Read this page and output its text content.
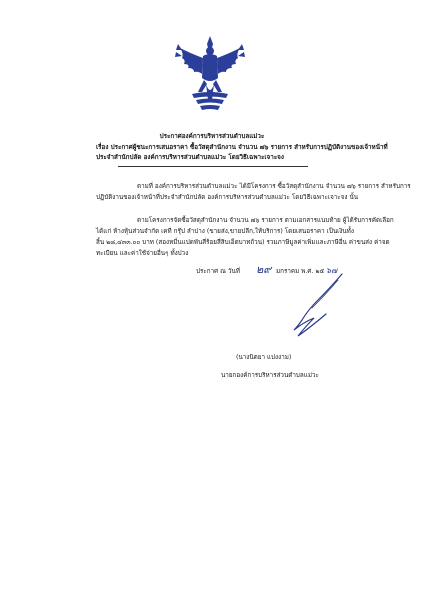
ประกาศองค์การบริหารส่วนตำบลแม่วะ
เรื่อง ประกาศผู้ชนะการเสนอราคา ซื้อวัสดุสำนักงาน จำนวน ๗๖ รายการ สำหรับการปฏิบัติงานของเจ้าหน้าที่
ประจำสำนักปลัด องค์การบริหารส่วนตำบลแม่วะ โดยวิธีเฉพาะเจาะจง
ตามที่ องค์การบริหารส่วนตำบลแม่วะ ได้มีโครงการ ซื้อวัสดุสำนักงาน จำนวน ๗๖ รายการ สำหรับการ
ปฏิบัติงานของเจ้าหน้าที่ประจำสำนักปลัด องค์การบริหารส่วนตำบลแม่วะ โดยวิธีเฉพาะเจาะจง นั้น
ตามโครงการจัดซื้อวัสดุสำนักงาน จำนวน ๗๖ รายการ ตามเอกสารแนบท้าย ผู้ได้รับการคัดเลือก
ได้แก่ ห้างหุ้นส่วนจำกัด เคที กรุ๊ป ลำปาง (ขายส่ง,ขายปลีก,ให้บริการ) โดยเสนอราคา เป็นเงินทั้ง
สิ้น ๒๘,๔๓๓.๐๐ บาท (สองหมื่นแปดพันสี่ร้อยสี่สิบเอ็ดบาทถ้วน) รวมภาษีมูลค่าเพิ่มและภาษีอื่น ค่าขนส่ง ค่าจด
ทะเบียน และค่าใช้จ่ายอื่นๆ ทั้งปวง
ประกาศ ณ วันที่ ๒๙ มกราคม พ.ศ. ๒๕ ๖๗
(นางนิตยา แปงงาม)
นายกองค์การบริหารส่วนตำบลแม่วะ
